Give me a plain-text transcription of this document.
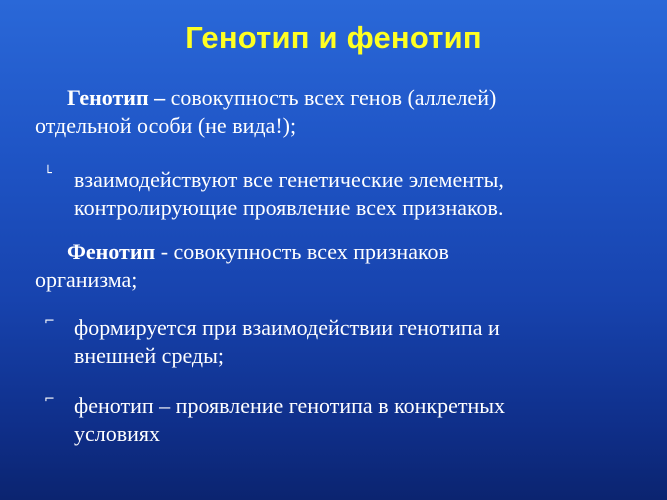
Генотип и фенотип
Генотип – совокупность всех генов (аллелей)
отдельной особи (не вида!);
└	взаимодействуют все генетические элементы,
контролирующие проявление всех признаков.
Фенотип - совокупность всех признаков
организма;
⌐ формируется при взаимодействии генотипа и
внешней среды;
⌐ фенотип – проявление генотипа в конкретных
условиях
